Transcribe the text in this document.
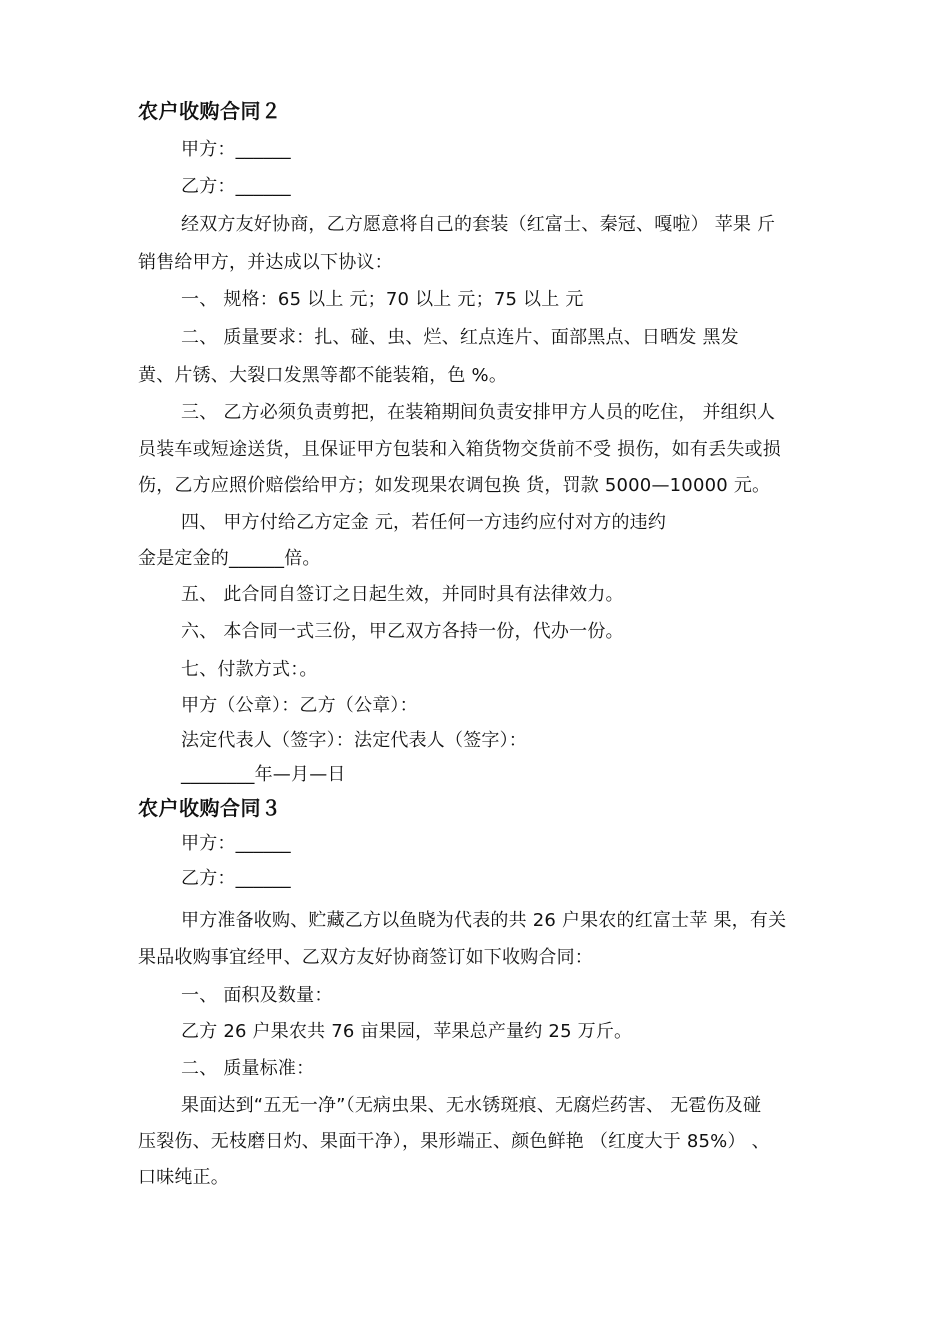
农户收购合同２
甲方：______
乙方：______
经双方友好协商，乙方愿意将自己的套装（红富士、秦冠、嘎啦） 苹果 斤
销售给甲方，并达成以下协议：
一、 规格：65 以上 元；70 以上 元；75 以上 元
二、 质量要求：扎、碰、虫、烂、红点连片、面部黑点、日晒发 黑发
黄、片锈、大裂口发黑等都不能装箱，色 %。
三、 乙方必须负责剪把，在装箱期间负责安排甲方人员的吃住， 并组织人
员装车或短途送货，且保证甲方包装和入箱货物交货前不受 损伤，如有丢失或损
伤，乙方应照价赔偿给甲方；如发现果农调包换 货，罚款 5000—10000 元。
四、 甲方付给乙方定金 元，若任何一方违约应付对方的违约
金是定金的______倍。
五、 此合同自签订之日起生效，并同时具有法律效力。
六、 本合同一式三份，甲乙双方各持一份，代办一份。
七、付款方式：。
甲方（公章）：乙方（公章）：
法定代表人（签字）：法定代表人（签字）：
________年—月—日
农户收购合同３
甲方：______
乙方：______
甲方准备收购、贮藏乙方以鱼晓为代表的共 26 户果农的红富士苹 果，有关
果品收购事宜经甲、乙双方友好协商签订如下收购合同：
一、 面积及数量：
乙方 26 户果农共 76 亩果园，苹果总产量约 25 万斤。
二、 质量标准：
果面达到“五无一净”（无病虫果、无水锈斑痕、无腐烂药害、 无雹伤及碰
压裂伤、无枝磨日灼、果面干净），果形端正、颜色鲜艳 （红度大于 85%） 、
口味纯正。
